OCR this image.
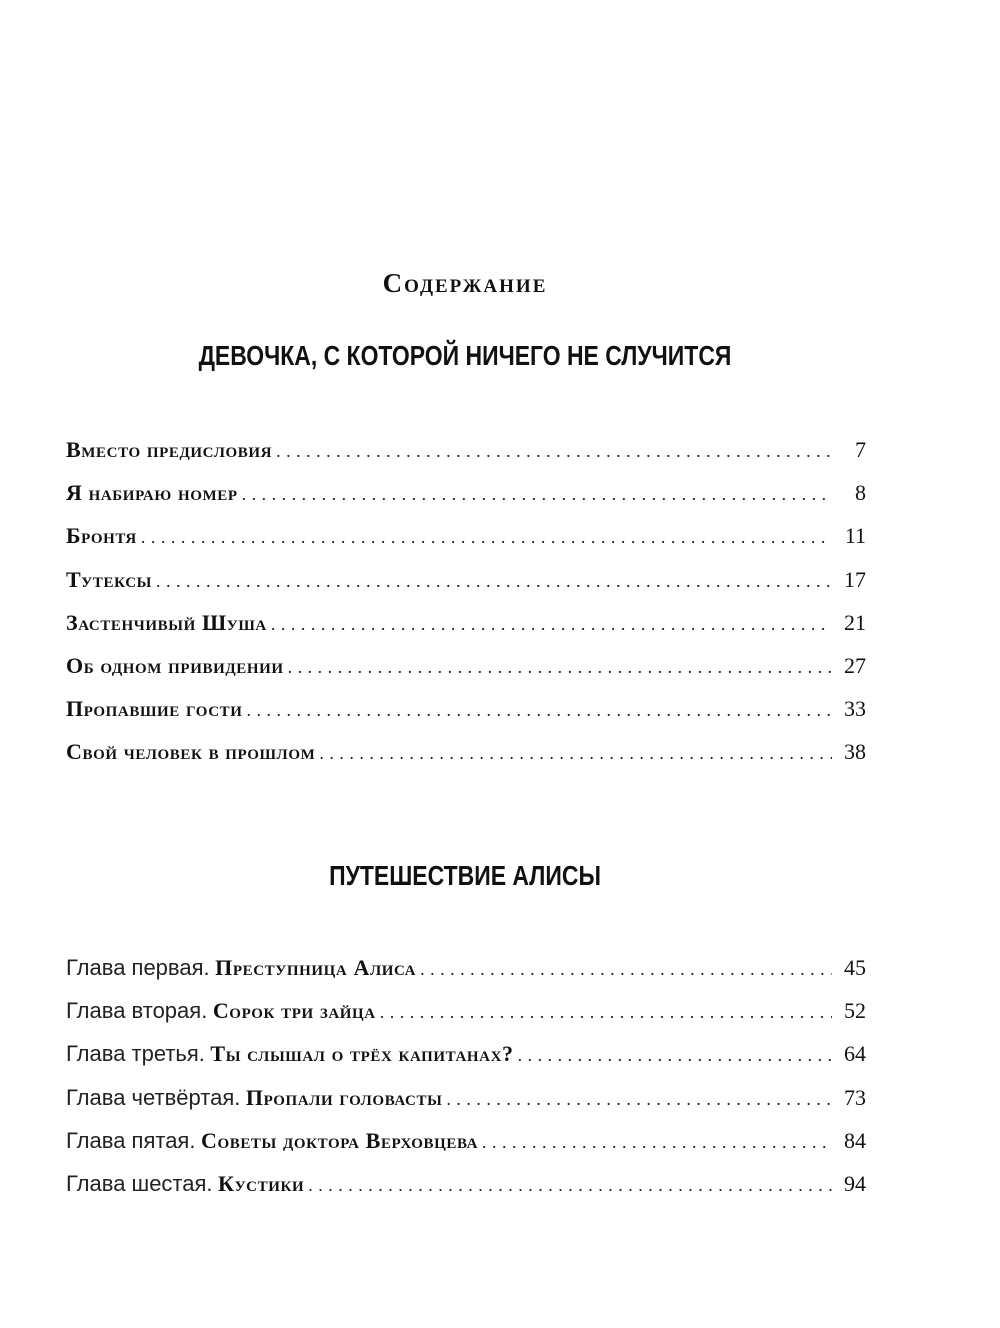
Содержание
ДЕВОЧКА, С КОТОРОЙ НИЧЕГО НЕ СЛУЧИТСЯ
Вместо предисловия . . .	7
Я набираю номер . . .	8
Бронтя . . .	11
Тутексы . . .	17
Застенчивый Шуша . . .	21
Об одном привидении . . .	27
Пропавшие гости . . .	33
Свой человек в прошлом . . .	38
ПУТЕШЕСТВИЕ АЛИСЫ
Глава первая. Преступница Алиса . . .	45
Глава вторая. Сорок три зайца . . .	52
Глава третья. Ты слышал о трёх капитанах? . . .	64
Глава четвёртая. Пропали головасты . . .	73
Глава пятая. Советы доктора Верховцева . . .	84
Глава шестая. Кустики . . .	94
